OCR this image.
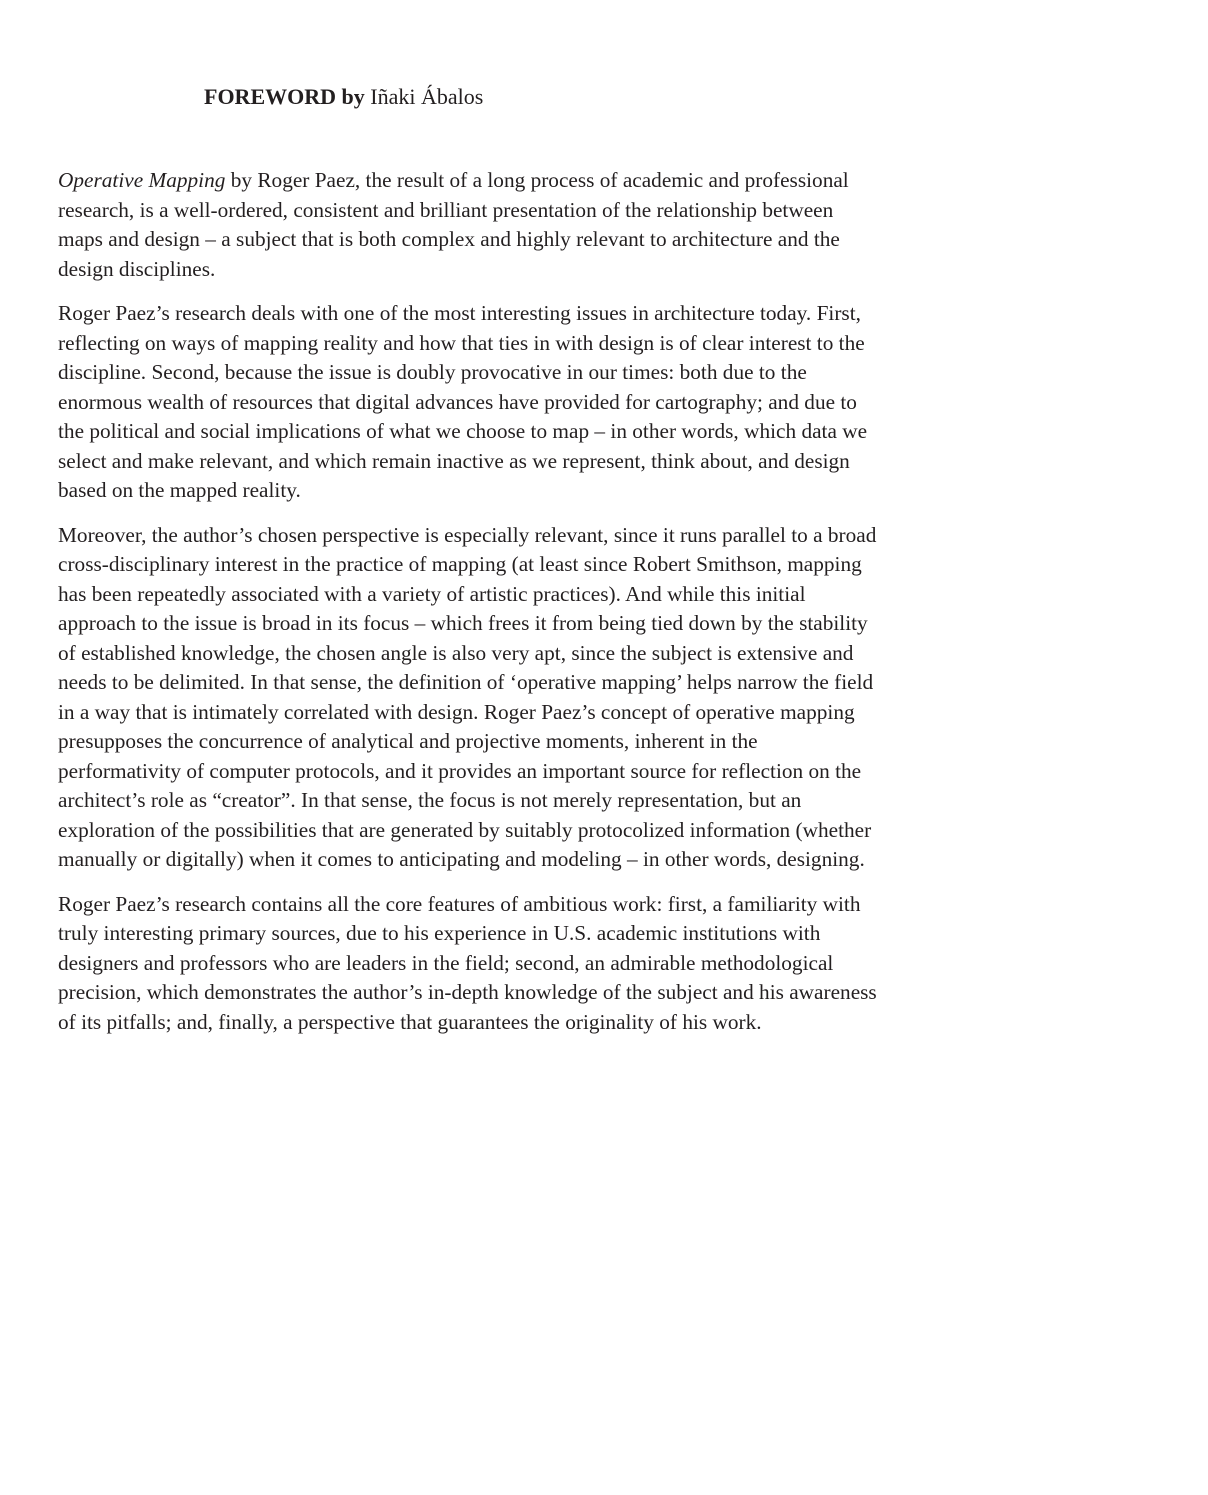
FOREWORD by Iñaki Ábalos

Operative Mapping by Roger Paez, the result of a long process of academic and professional research, is a well-ordered, consistent and brilliant presentation of the relationship between maps and design – a subject that is both complex and highly relevant to architecture and the design disciplines.

Roger Paez’s research deals with one of the most interesting issues in architecture today. First, reflecting on ways of mapping reality and how that ties in with design is of clear interest to the discipline. Second, because the issue is doubly provocative in our times: both due to the enormous wealth of resources that digital advances have provided for cartography; and due to the political and social implications of what we choose to map – in other words, which data we select and make relevant, and which remain inactive as we represent, think about, and design based on the mapped reality.

Moreover, the author’s chosen perspective is especially relevant, since it runs parallel to a broad cross-disciplinary interest in the practice of mapping (at least since Robert Smithson, mapping has been repeatedly associated with a variety of artistic practices). And while this initial approach to the issue is broad in its focus – which frees it from being tied down by the stability of established knowledge, the chosen angle is also very apt, since the subject is extensive and needs to be delimited. In that sense, the definition of ‘operative mapping’ helps narrow the field in a way that is intimately correlated with design. Roger Paez’s concept of operative mapping presupposes the concurrence of analytical and projective moments, inherent in the performativity of computer protocols, and it provides an important source for reflection on the architect’s role as “creator”. In that sense, the focus is not merely representation, but an exploration of the possibilities that are generated by suitably protocolized information (whether manually or digitally) when it comes to anticipating and modeling – in other words, designing.

Roger Paez’s research contains all the core features of ambitious work: first, a familiarity with truly interesting primary sources, due to his experience in U.S. academic institutions with designers and professors who are leaders in the field; second, an admirable methodological precision, which demonstrates the author’s in-depth knowledge of the subject and his awareness of its pitfalls; and, finally, a perspective that guarantees the originality of his work.
